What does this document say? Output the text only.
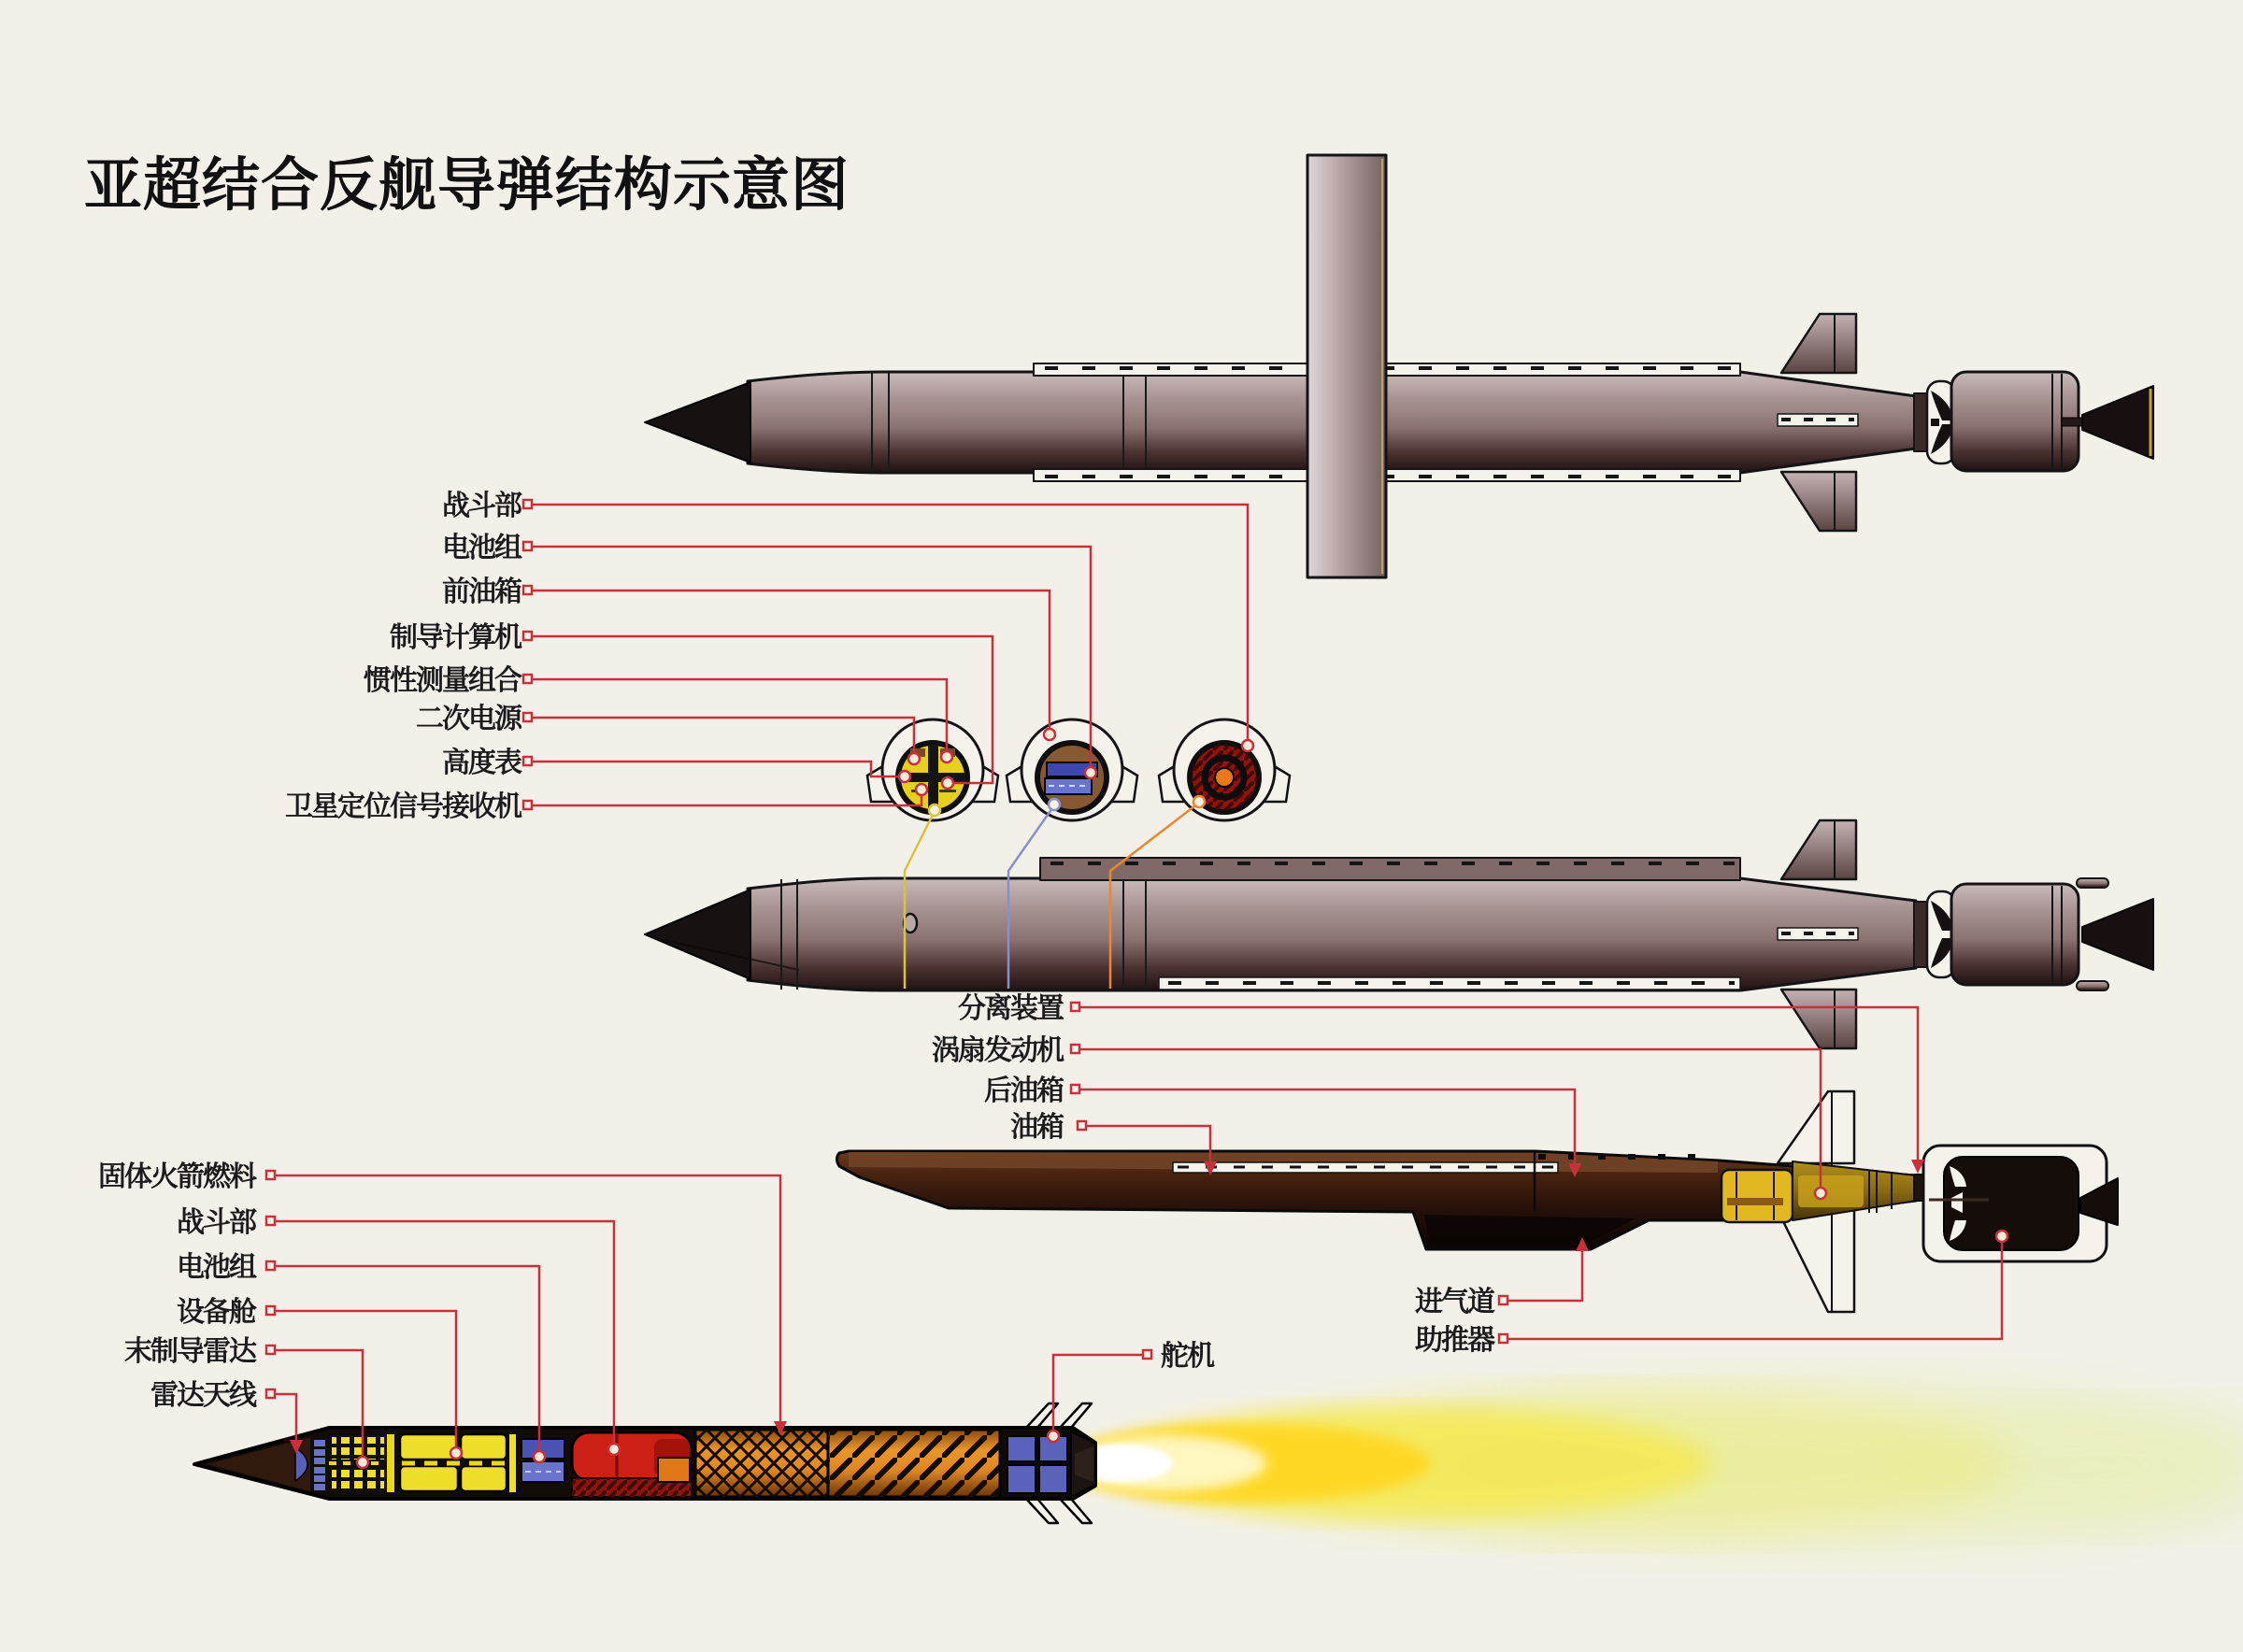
亚超结合反舰导弹结构示意图
战斗部
电池组
前油箱
制导计算机
惯性测量组合
二次电源
高度表
卫星定位信号接收机
分离装置
涡扇发动机
后油箱
油箱
固体火箭燃料
战斗部
电池组
设备舱
末制导雷达
雷达天线
进气道
助推器
舵机
